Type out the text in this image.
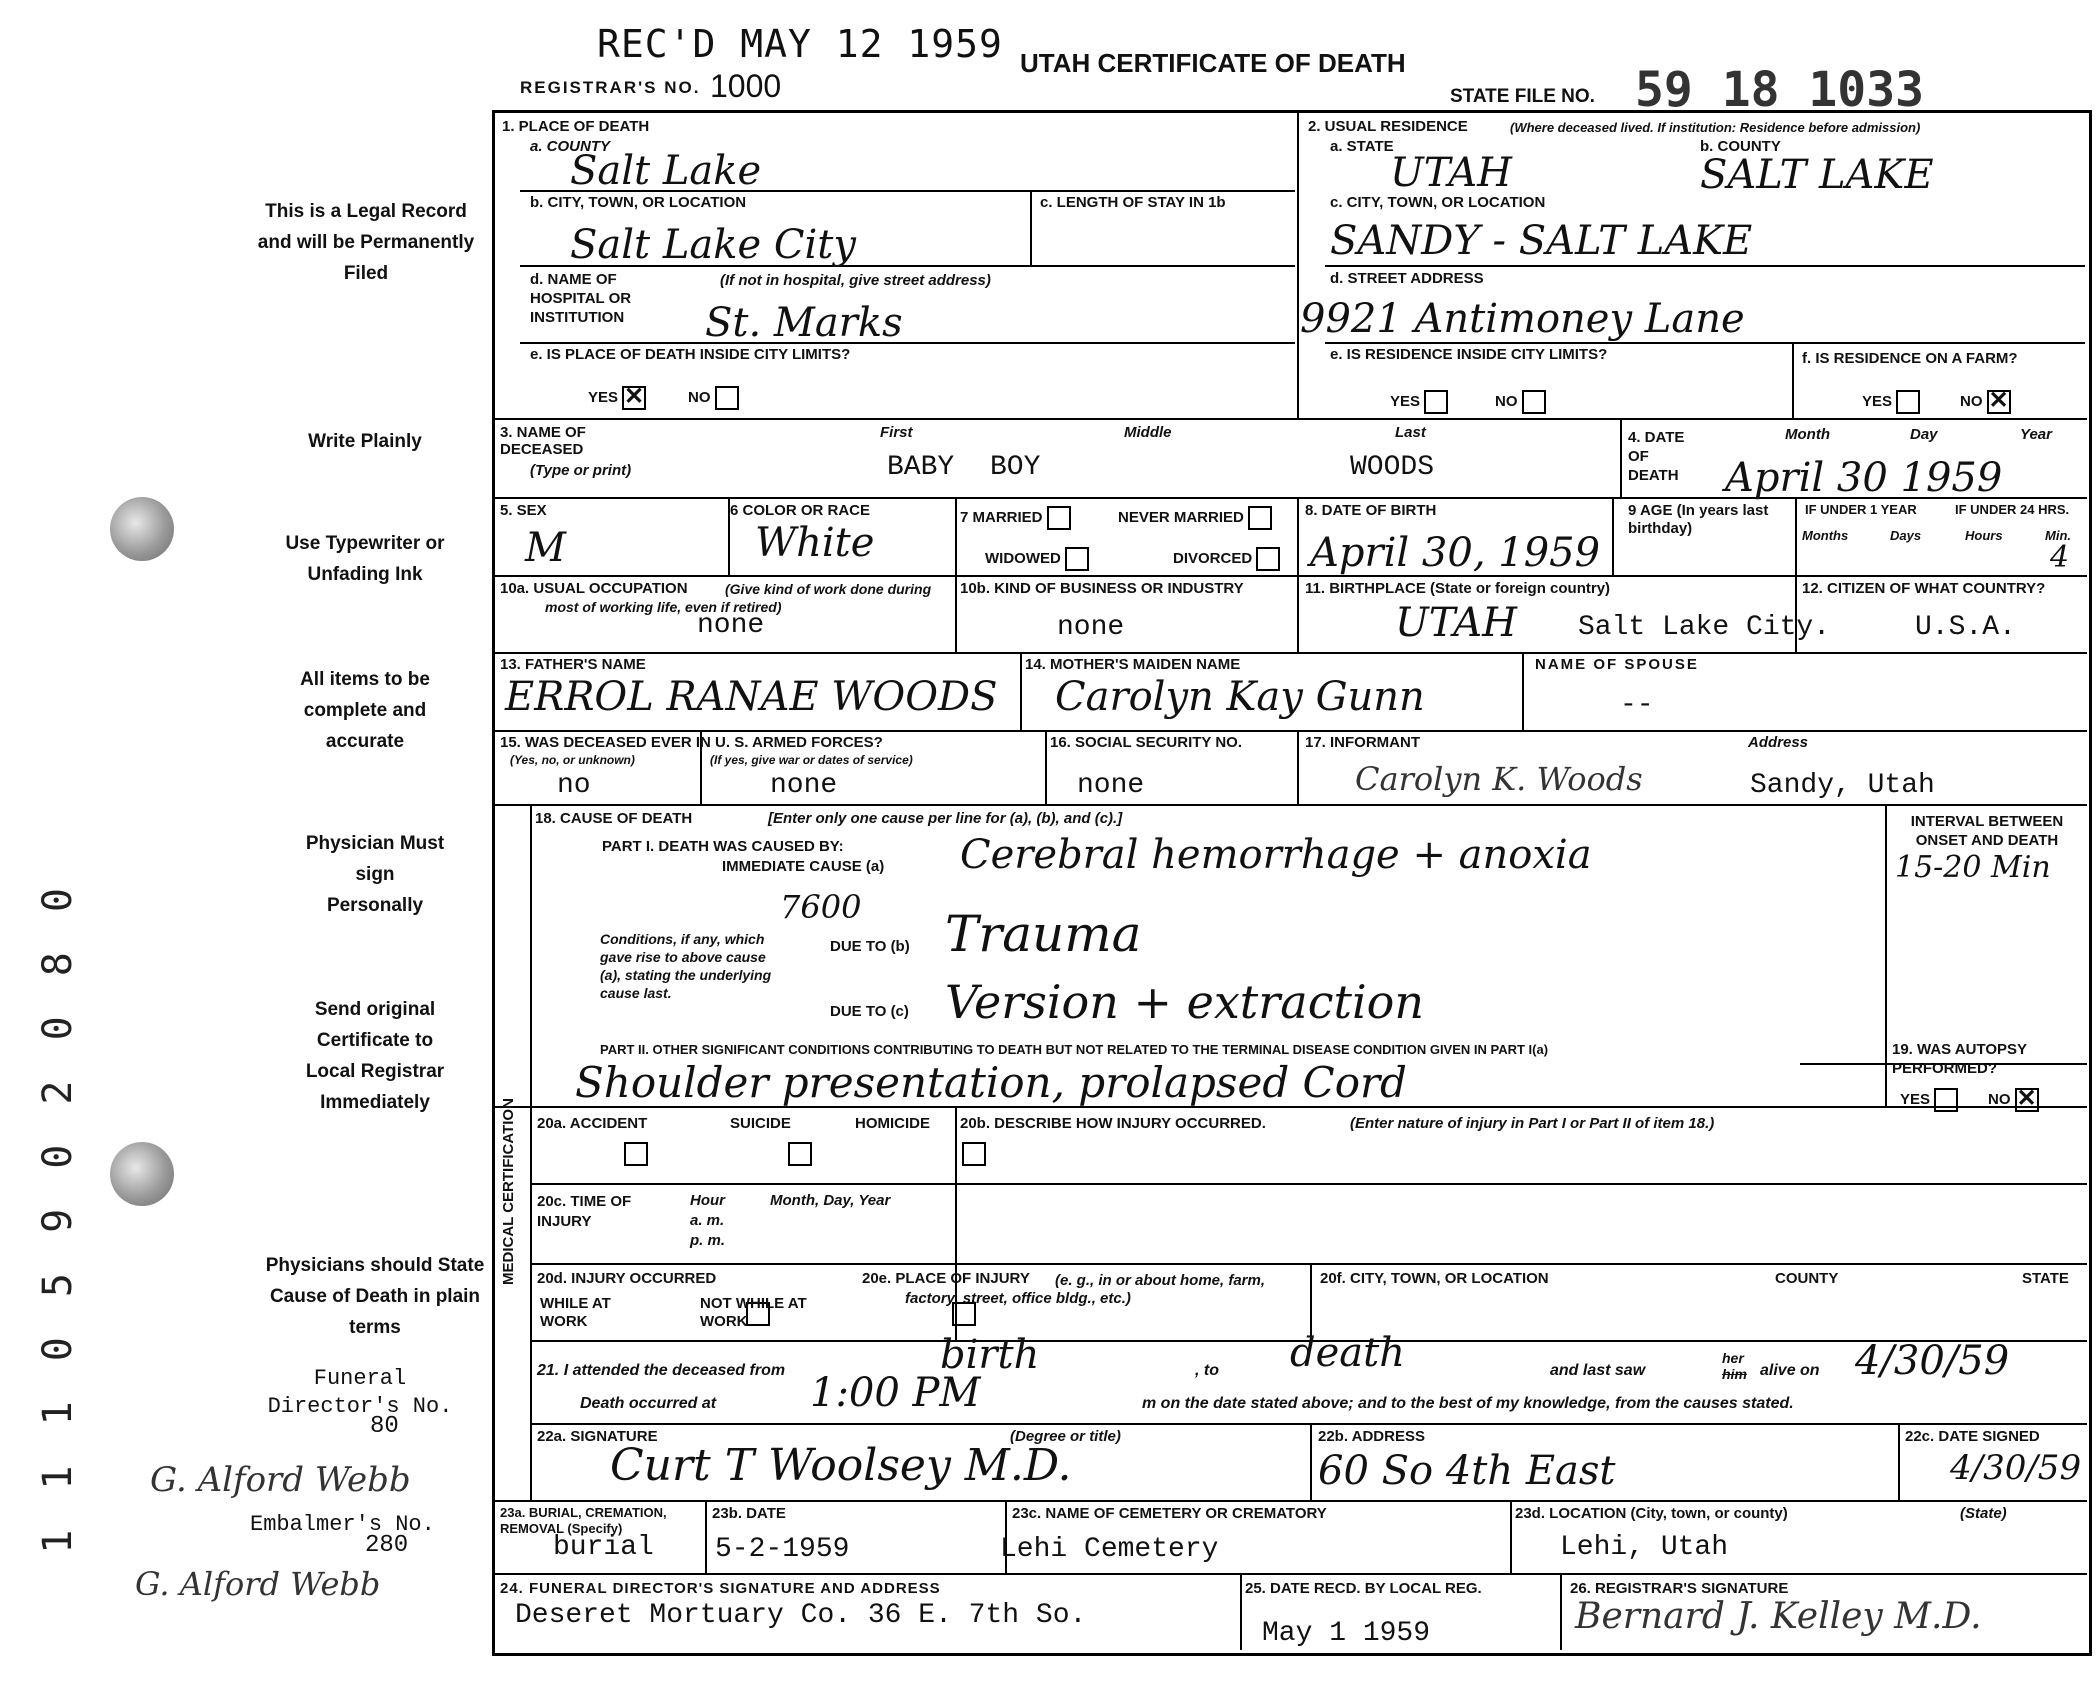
1 1 1 0 5 9 0 2 0 8 0
REC'D MAY 12 1959 UTAH CERTIFICATE OF DEATH
REGISTRAR'S NO. 1000	STATE FILE NO. 59 18 1033
This is a Legal Record and will be Permanently Filed
Write Plainly
Use Typewriter or Unfading Ink
All items to be complete and accurate
Physician Must sign Personally
Send original Certificate to Local Registrar Immediately
Physicians should State Cause of Death in plain terms
Funeral Director's No.
80
G. Alford Webb
Embalmer's No.
280
G. Alford Webb
1. PLACE OF DEATH
a. COUNTY
Salt Lake
b. CITY, TOWN, OR LOCATION
Salt Lake City
c. LENGTH OF STAY IN 1b
d. NAME OF HOSPITAL OR INSTITUTION
(If not in hospital, give street address)
St. Marks
e. IS PLACE OF DEATH INSIDE CITY LIMITS?
YES✕	NO
2. USUAL RESIDENCE	(Where deceased lived. If institution: Residence before admission)
a. STATE
UTAH
b. COUNTY
SALT LAKE
c. CITY, TOWN, OR LOCATION
SANDY - SALT LAKE
d. STREET ADDRESS
9921 Antimoney Lane
e. IS RESIDENCE INSIDE CITY LIMITS?
YES	NO
f. IS RESIDENCE ON A FARM?
YES	NO✕
3. NAME OF DECEASED
(Type or print)
First	Middle	Last
BABY BOY	WOODS
4. DATE OF DEATH
Month	Day	Year
April 30 1959
5. SEX
M
6 COLOR OR RACE
White
7 MARRIED	NEVER MARRIED
WIDOWED	DIVORCED
8. DATE OF BIRTH
April 30, 1959
9 AGE (In years last birthday)
IF UNDER 1 YEAR	IF UNDER 24 HRS.
Months	Days	Hours	Min.
4
10a. USUAL OCCUPATION	(Give kind of work done during most of working life, even if retired)
none
10b. KIND OF BUSINESS OR INDUSTRY
none
11. BIRTHPLACE (State or foreign country)
UTAH Salt Lake City.
12. CITIZEN OF WHAT COUNTRY?
U.S.A.
13. FATHER'S NAME
ERROL RANAE WOODS
14. MOTHER'S MAIDEN NAME
Carolyn Kay Gunn
NAME OF SPOUSE
--
15. WAS DECEASED EVER IN U. S. ARMED FORCES?
(Yes, no, or unknown)	(If yes, give war or dates of service)
no	none
16. SOCIAL SECURITY NO.
none
17. INFORMANT
Carolyn K. Woods
Address
Sandy, Utah
MEDICAL CERTIFICATION
18. CAUSE OF DEATH	[Enter only one cause per line for (a), (b), and (c).]
PART I. DEATH WAS CAUSED BY:
IMMEDIATE CAUSE (a) Cerebral hemorrhage + anoxia
INTERVAL BETWEEN ONSET AND DEATH
15-20 Min
7600
Conditions, if any, which gave rise to above cause (a), stating the underlying cause last.
DUE TO (b) Trauma
DUE TO (c) Version + extraction
PART II. OTHER SIGNIFICANT CONDITIONS CONTRIBUTING TO DEATH BUT NOT RELATED TO THE TERMINAL DISEASE CONDITION GIVEN IN PART I(a)
Shoulder presentation, prolapsed Cord
19. WAS AUTOPSY PERFORMED?
YES	NO✕
20a. ACCIDENT	SUICIDE	HOMICIDE
20b. DESCRIBE HOW INJURY OCCURRED.	(Enter nature of injury in Part I or Part II of item 18.)
20c. TIME OF INJURY
Hour
a. m.
p. m.
Month, Day, Year
20d. INJURY OCCURRED
WHILE AT WORK

NOT WHILE AT WORK
20e. PLACE OF INJURY	(e. g., in or about home, farm, factory, street, office bldg., etc.)
20f. CITY, TOWN, OR LOCATION	COUNTY	STATE
21. I attended the deceased from	birth	, to death	and last saw
her
him alive on 4/30/59
Death occurred at 1:00 PM	m on the date stated above; and to the best of my knowledge, from the causes stated.
22a. SIGNATURE	(Degree or title)
Curt T Woolsey M.D.
22b. ADDRESS
60 So 4th East
22c. DATE SIGNED
4/30/59
23a. BURIAL, CREMATION, REMOVAL (Specify)
burial
23b. DATE
5-2-1959
23c. NAME OF CEMETERY OR CREMATORY
Lehi Cemetery
23d. LOCATION (City, town, or county)	(State)
Lehi, Utah
24. FUNERAL DIRECTOR'S SIGNATURE AND ADDRESS
Deseret Mortuary Co. 36 E. 7th So.
25. DATE RECD. BY LOCAL REG.
May 1 1959
26. REGISTRAR'S SIGNATURE
Bernard J. Kelley M.D.
